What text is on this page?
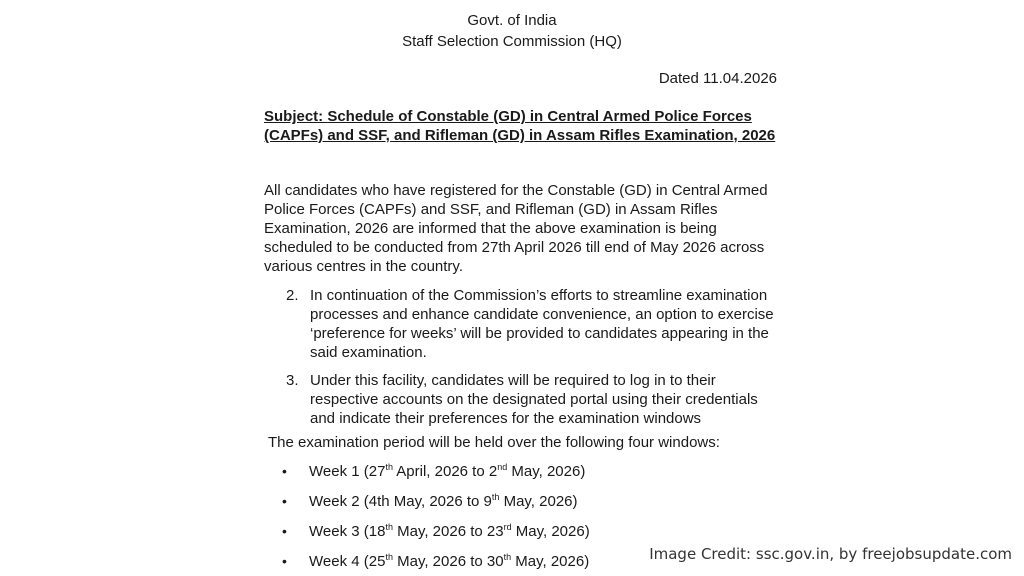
Govt. of India

Staff Selection Commission (HQ)

Dated 11.04.2026

Subject: Schedule of Constable (GD) in Central Armed Police Forces
(CAPFs) and SSF, and Rifleman (GD) in Assam Rifles Examination, 2026
All candidates who have registered for the Constable (GD) in Central Armed
Police Forces (CAPFs) and SSF, and Rifleman (GD) in Assam Rifles
Examination, 2026 are informed that the above examination is being
scheduled to be conducted from 27th April 2026 till end of May 2026 across
various centres in the country.
2. In continuation of the Commission’s efforts to streamline examination
processes and enhance candidate convenience, an option to exercise
‘preference for weeks’ will be provided to candidates appearing in the
said examination.
3. Under this facility, candidates will be required to log in to their
respective accounts on the designated portal using their credentials
and indicate their preferences for the examination windows

The examination period will be held over the following four windows:

•	Week 1 (27th April, 2026 to 2nd May, 2026)
•	Week 2 (4th May, 2026 to 9th May, 2026)
•	Week 3 (18th May, 2026 to 23rd May, 2026)
•	Week 4 (25th May, 2026 to 30th May, 2026)	Image Credit: ssc.gov.in, by freejobsupdate.com
